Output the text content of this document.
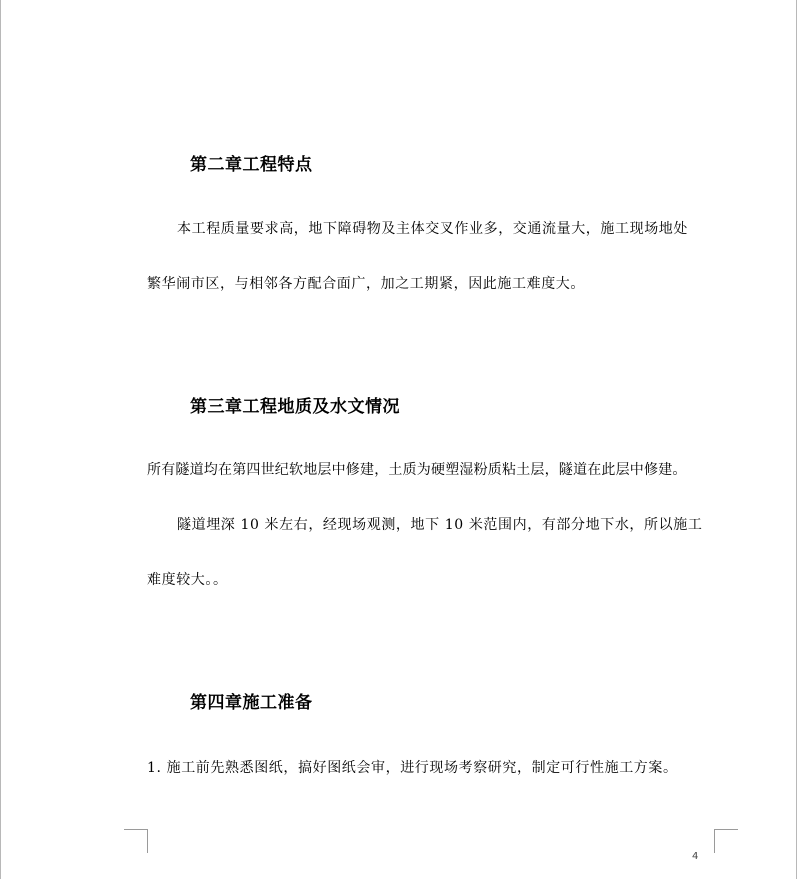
第二章工程特点
本工程质量要求高，地下障碍物及主体交叉作业多，交通流量大，施工现场地处
繁华闹市区，与相邻各方配合面广，加之工期紧，因此施工难度大。
第三章工程地质及水文情况
所有隧道均在第四世纪软地层中修建，土质为硬塑湿粉质粘土层，隧道在此层中修建。
隧道埋深 10 米左右，经现场观测，地下 10 米范围内，有部分地下水，所以施工
难度较大。。
第四章施工准备
1. 施工前先熟悉图纸，搞好图纸会审，进行现场考察研究，制定可行性施工方案。
4
